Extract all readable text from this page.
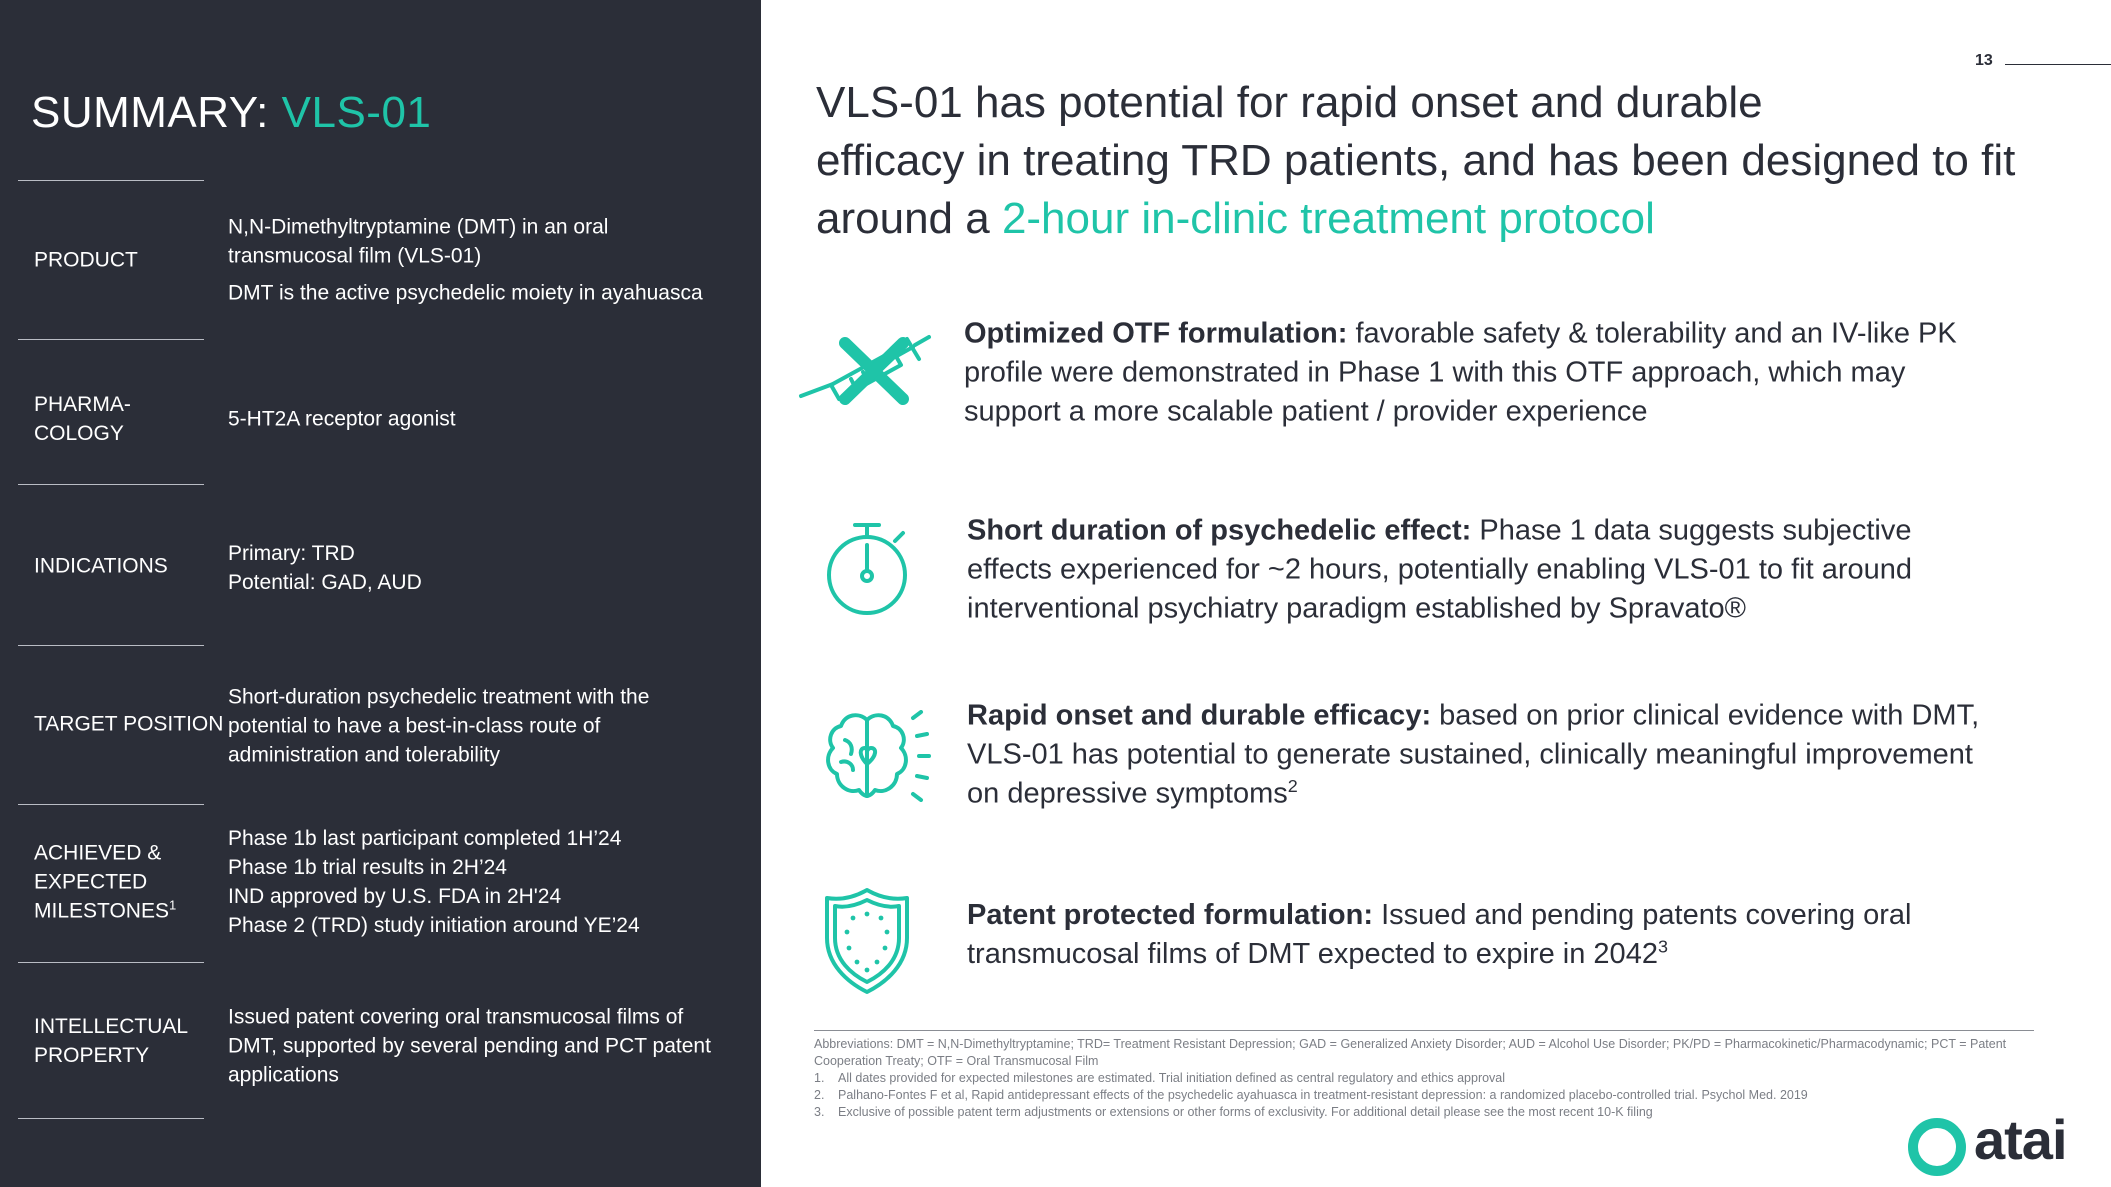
SUMMARY: VLS-01
PRODUCT

N,N-Dimethyltryptamine (DMT) in an oral transmucosal film (VLS-01)

DMT is the active psychedelic moiety in ayahuasca

PHARMA-
COLOGY

5-HT2A receptor agonist

INDICATIONS

Primary: TRD

Potential: GAD, AUD

TARGET POSITION

Short-duration psychedelic treatment with the potential to have a best-in-class route of administration and tolerability

ACHIEVED &
EXPECTED
MILESTONES$^1$

Phase 1b last participant completed 1H’24

Phase 1b trial results in 2H’24

IND approved by U.S. FDA in 2H'24

Phase 2 (TRD) study initiation around YE’24

INTELLECTUAL
PROPERTY

Issued patent covering oral transmucosal films of DMT, supported by several pending and PCT patent applications

13
VLS-01 has potential for rapid onset and durable
efficacy in treating TRD patients, and has been designed to fit
around a 2-hour in-clinic treatment protocol
Optimized OTF formulation: favorable safety & tolerability and an IV-like PK profile were demonstrated in Phase 1 with this OTF approach, which may support a more scalable patient / provider experience
Short duration of psychedelic effect: Phase 1 data suggests subjective effects experienced for ~2 hours, potentially enabling VLS-01 to fit around interventional psychiatry paradigm established by Spravato®
Rapid onset and durable efficacy: based on prior clinical evidence with DMT, VLS-01 has potential to generate sustained, clinically meaningful improvement on depressive symptoms$^2$
Patent protected formulation: Issued and pending patents covering oral transmucosal films of DMT expected to expire in 2042$^3$

Abbreviations: DMT = N,N-Dimethyltryptamine; TRD= Treatment Resistant Depression; GAD = Generalized Anxiety Disorder; AUD = Alcohol Use Disorder; PK/PD = Pharmacokinetic/Pharmacodynamic; PCT = Patent Cooperation Treaty; OTF = Oral Transmucosal Film

1. All dates provided for expected milestones are estimated. Trial initiation defined as central regulatory and ethics approval

2. Palhano-Fontes F et al, Rapid antidepressant effects of the psychedelic ayahuasca in treatment-resistant depression: a randomized placebo-controlled trial. Psychol Med. 2019

3. Exclusive of possible patent term adjustments or extensions or other forms of exclusivity. For additional detail please see the most recent 10-K filing	atai
